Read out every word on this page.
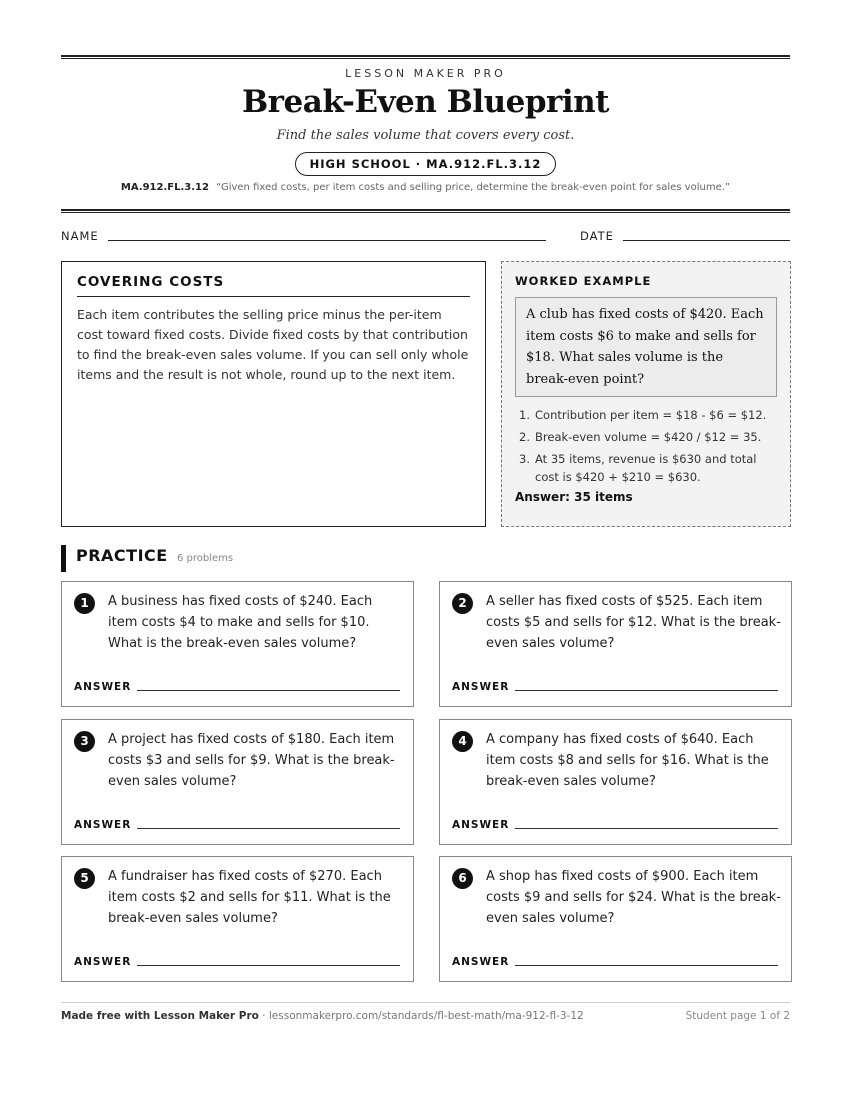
LESSON MAKER PRO
Break-Even Blueprint
Find the sales volume that covers every cost.
HIGH SCHOOL · MA.912.FL.3.12
MA.912.FL.3.12 “Given fixed costs, per item costs and selling price, determine the break-even point for sales volume.”
NAME	DATE
COVERING COSTS

Each item contributes the selling price minus the per-item cost toward fixed costs. Divide fixed costs by that contribution to find the break-even sales volume. If you can sell only whole items and the result is not whole, round up to the next item.

WORKED EXAMPLE
A club has fixed costs of $420. Each item costs $6 to make and sells for $18. What sales volume is the break-even point?
1. Contribution per item = $18 - $6 = $12.
2. Break-even volume = $420 / $12 = 35.
3. At 35 items, revenue is $630 and total cost is $420 + $210 = $630.
Answer: 35 items
PRACTICE 6 problems
1	A business has fixed costs of $240. Each item costs $4 to make and sells for $10. What is the break-even sales volume?
ANSWER
2	A seller has fixed costs of $525. Each item costs $5 and sells for $12. What is the break-even sales volume?
ANSWER
3	A project has fixed costs of $180. Each item costs $3 and sells for $9. What is the break-even sales volume?
ANSWER
4	A company has fixed costs of $640. Each item costs $8 and sells for $16. What is the break-even sales volume?
ANSWER
5	A fundraiser has fixed costs of $270. Each item costs $2 and sells for $11. What is the break-even sales volume?
ANSWER
6	A shop has fixed costs of $900. Each item costs $9 and sells for $24. What is the break-even sales volume?
ANSWER
Made free with Lesson Maker Pro · lessonmakerpro.com/standards/fl-best-math/ma-912-fl-3-12	Student page 1 of 2
